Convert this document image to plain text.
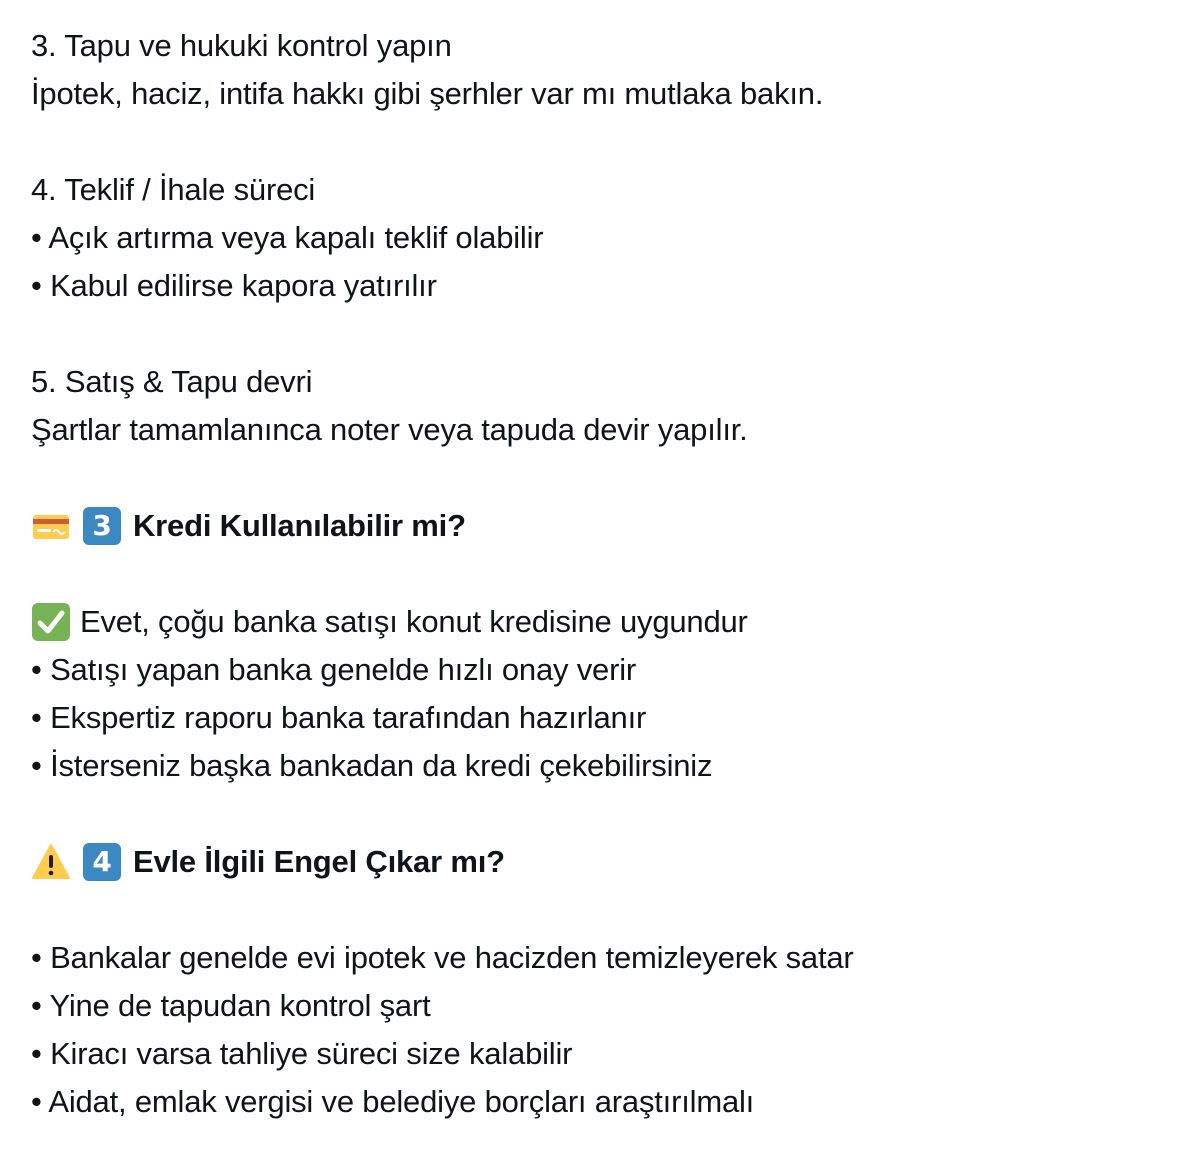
3. Tapu ve hukuki kontrol yapın
İpotek, haciz, intifa hakkı gibi şerhler var mı mutlaka bakın.
4. Teklif / İhale süreci
• Açık artırma veya kapalı teklif olabilir
• Kabul edilirse kapora yatırılır
5. Satış & Tapu devri
Şartlar tamamlanınca noter veya tapuda devir yapılır.
3 Kredi Kullanılabilir mi?
Evet, çoğu banka satışı konut kredisine uygundur
• Satışı yapan banka genelde hızlı onay verir
• Ekspertiz raporu banka tarafından hazırlanır
• İsterseniz başka bankadan da kredi çekebilirsiniz
4 Evle İlgili Engel Çıkar mı?
• Bankalar genelde evi ipotek ve hacizden temizleyerek satar
• Yine de tapudan kontrol şart
• Kiracı varsa tahliye süreci size kalabilir
• Aidat, emlak vergisi ve belediye borçları araştırılmalı
